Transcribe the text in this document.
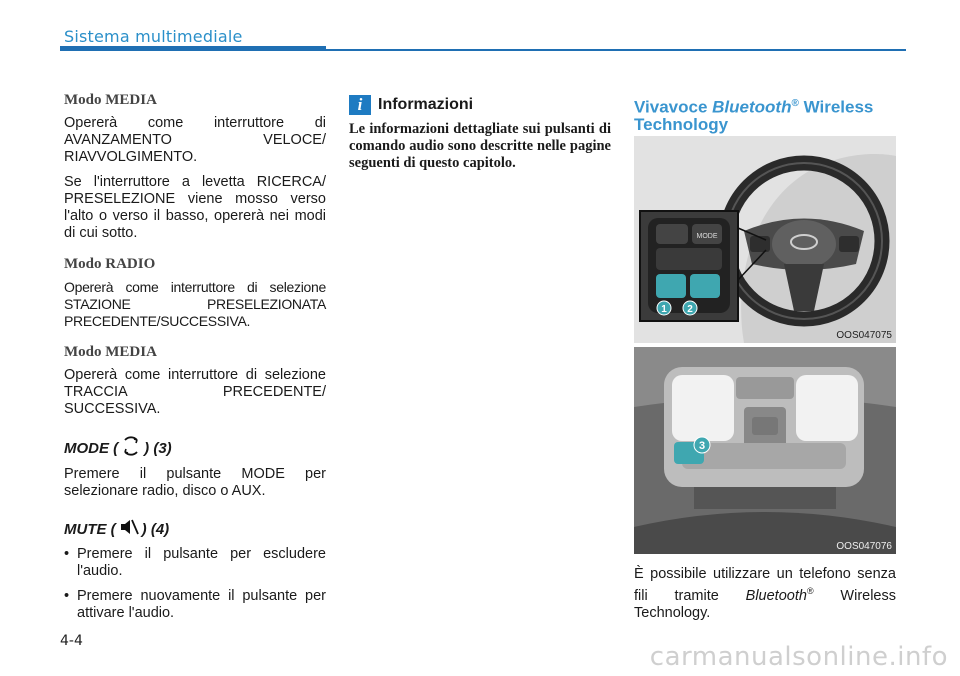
Sistema multimediale
Modo MEDIA

Opererà come interruttore di AVANZAMENTO VELOCE/ RIAVVOLGIMENTO.

Se l'interruttore a levetta RICERCA/ PRESELEZIONE viene mosso verso l'alto o verso il basso, opererà nei modi di cui sotto.

Modo RADIO

Opererà come interruttore di selezione STAZIONE PRESELEZIONATA PRECEDENTE/SUCCESSIVA.

Modo MEDIA

Opererà come interruttore di selezione TRACCIA PRECEDENTE/ SUCCESSIVA.

MODE ( ) (3)

Premere il pulsante MODE per selezionare radio, disco o AUX.

MUTE ( ) (4)
• Premere il pulsante per escludere l'audio.
• Premere nuovamente il pulsante per attivare l'audio.
i Informazioni

Le informazioni dettagliate sui pulsanti di comando audio sono descritte nelle pagine seguenti di questo capitolo.

Vivavoce Bluetooth® Wireless Technology
MODE
1 2
OOS047075
3
OOS047076

È possibile utilizzare un telefono senza fili tramite Bluetooth® Wireless Technology.

4-4
carmanualsonline.info
